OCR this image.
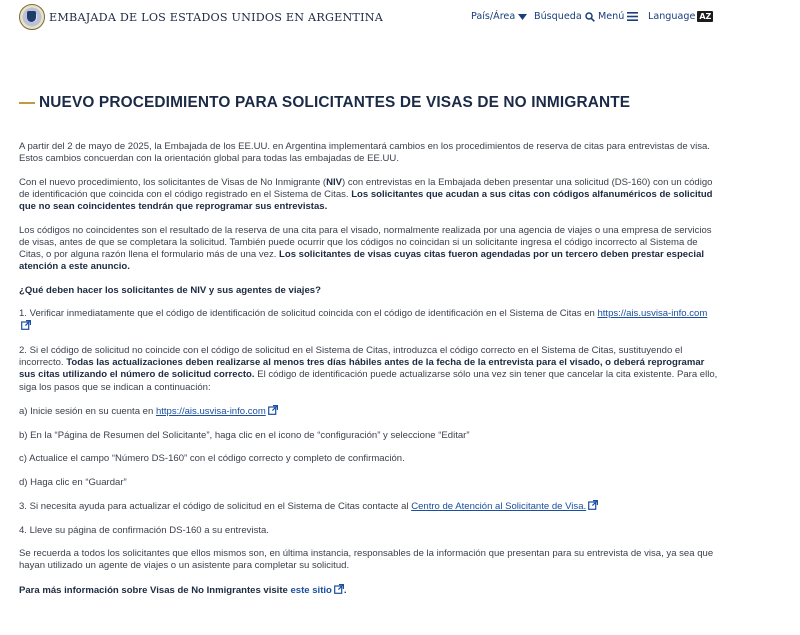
EMBAJADA DE LOS ESTADOS UNIDOS EN ARGENTINA	País/Área Búsqueda Menú Language AZ
NUEVO PROCEDIMIENTO PARA SOLICITANTES DE VISAS DE NO INMIGRANTE

A partir del 2 de mayo de 2025, la Embajada de los EE.UU. en Argentina implementará cambios en los procedimientos de reserva de citas para entrevistas de visa. Estos cambios concuerdan con la orientación global para todas las embajadas de EE.UU.

Con el nuevo procedimiento, los solicitantes de Visas de No Inmigrante (NIV) con entrevistas en la Embajada deben presentar una solicitud (DS-160) con un código de identificación que coincida con el código registrado en el Sistema de Citas. Los solicitantes que acudan a sus citas con códigos alfanuméricos de solicitud que no sean coincidentes tendrán que reprogramar sus entrevistas.

Los códigos no coincidentes son el resultado de la reserva de una cita para el visado, normalmente realizada por una agencia de viajes o una empresa de servicios de visas, antes de que se completara la solicitud. También puede ocurrir que los códigos no coincidan si un solicitante ingresa el código incorrecto al Sistema de Citas, o por alguna razón llena el formulario más de una vez. Los solicitantes de visas cuyas citas fueron agendadas por un tercero deben prestar especial atención a este anuncio.

¿Qué deben hacer los solicitantes de NIV y sus agentes de viajes?

1. Verificar inmediatamente que el código de identificación de solicitud coincida con el código de identificación en el Sistema de Citas en https://ais.usvisa-info.com

2. Si el código de solicitud no coincide con el código de solicitud en el Sistema de Citas, introduzca el código correcto en el Sistema de Citas, sustituyendo el incorrecto. Todas las actualizaciones deben realizarse al menos tres días hábiles antes de la fecha de la entrevista para el visado, o deberá reprogramar sus citas utilizando el número de solicitud correcto. El código de identificación puede actualizarse sólo una vez sin tener que cancelar la cita existente. Para ello, siga los pasos que se indican a continuación:

a) Inicie sesión en su cuenta en https://ais.usvisa-info.com

b) En la “Página de Resumen del Solicitante”, haga clic en el icono de “configuración” y seleccione “Editar”

c) Actualice el campo “Número DS-160” con el código correcto y completo de confirmación.

d) Haga clic en “Guardar”

3. Si necesita ayuda para actualizar el código de solicitud en el Sistema de Citas contacte al Centro de Atención al Solicitante de Visa.

4. Lleve su página de confirmación DS-160 a su entrevista.

Se recuerda a todos los solicitantes que ellos mismos son, en última instancia, responsables de la información que presentan para su entrevista de visa, ya sea que hayan utilizado un agente de viajes o un asistente para completar su solicitud.

Para más información sobre Visas de No Inmigrantes visite este sitio .
